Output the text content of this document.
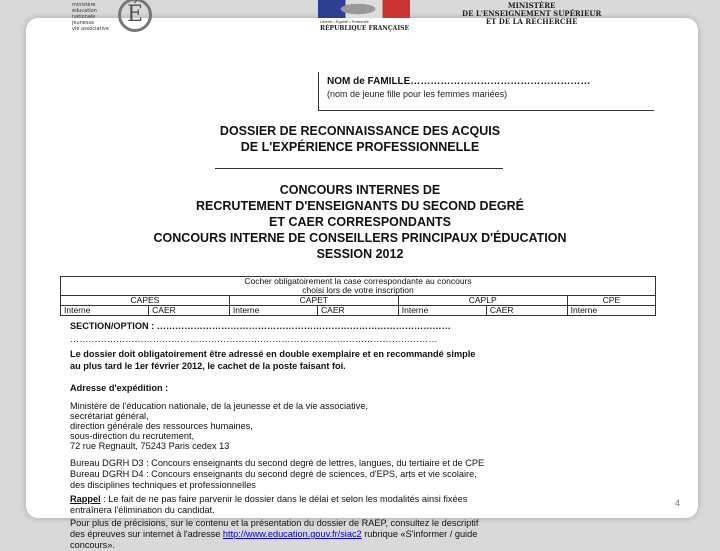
ministère
éducation
nationale
jeunesse
vie associative
É	Liberté • Égalité • Fraternité
RÉPUBLIQUE FRANÇAISE
MINISTÈRE
DE L'ENSEIGNEMENT SUPÉRIEUR
ET DE LA RECHERCHE
NOM de FAMILLE………………………………………………
(nom de jeune fille pour les femmes mariées)
DOSSIER DE RECONNAISSANCE DES ACQUIS
DE L'EXPÉRIENCE PROFESSIONNELLE
CONCOURS INTERNES DE
RECRUTEMENT D'ENSEIGNANTS DU SECOND DEGRÉ
ET CAER CORRESPONDANTS
CONCOURS INTERNE DE CONSEILLERS PRINCIPAUX D'ÉDUCATION
SESSION 2012
Cocher obligatoirement la case correspondante au concours
choisi lors de votre inscription						

CAPES		CAPET		CAPLP		CPE
Interne	CAER	Interne	CAER	Interne	CAER	Interne
SECTION/OPTION : ……………………………………………………………………………………
…………………………………………………………………………………………………………
Le dossier doit obligatoirement être adressé en double exemplaire et en recommandé simple
au plus tard le 1er février 2012, le cachet de la poste faisant foi.
Adresse d'expédition :
Ministère de l'éducation nationale, de la jeunesse et de la vie associative,
secrétariat général,
direction générale des ressources humaines,
sous-direction du recrutement,
72 rue Regnault, 75243 Paris cedex 13
Bureau DGRH D3 : Concours enseignants du second degré de lettres, langues, du tertiaire et de CPE
Bureau DGRH D4 : Concours enseignants du second degré de sciences, d'EPS, arts et vie scolaire,
des disciplines techniques et professionnelles
Rappel : Le fait de ne pas faire parvenir le dossier dans le délai et selon les modalités ainsi fixées
entraînera l'élimination du candidat.
Pour plus de précisions, sur le contenu et la présentation du dossier de RAEP, consultez le descriptif
des épreuves sur internet à l'adresse http://www.education.gouv.fr/siac2 rubrique «S'informer / guide
concours».
4
